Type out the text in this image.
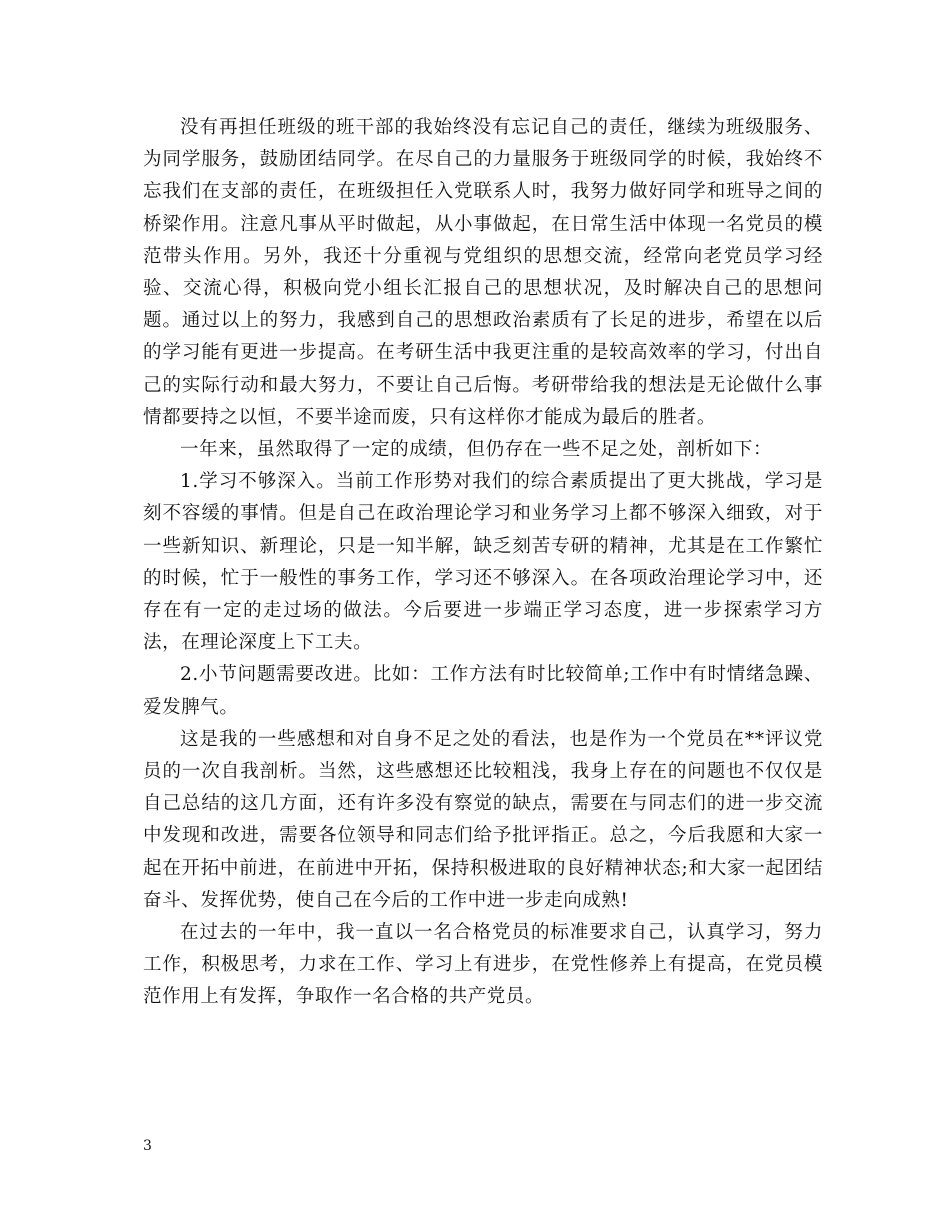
没有再担任班级的班干部的我始终没有忘记自己的责任，继续为班级服务、为同学服务，鼓励团结同学。在尽自己的力量服务于班级同学的时候，我始终不忘我们在支部的责任，在班级担任入党联系人时，我努力做好同学和班导之间的桥梁作用。注意凡事从平时做起，从小事做起，在日常生活中体现一名党员的模范带头作用。另外，我还十分重视与党组织的思想交流，经常向老党员学习经验、交流心得，积极向党小组长汇报自己的思想状况，及时解决自己的思想问题。通过以上的努力，我感到自己的思想政治素质有了长足的进步，希望在以后的学习能有更进一步提高。在考研生活中我更注重的是较高效率的学习，付出自己的实际行动和最大努力，不要让自己后悔。考研带给我的想法是无论做什么事情都要持之以恒，不要半途而废，只有这样你才能成为最后的胜者。

一年来，虽然取得了一定的成绩，但仍存在一些不足之处，剖析如下：

1.学习不够深入。当前工作形势对我们的综合素质提出了更大挑战，学习是刻不容缓的事情。但是自己在政治理论学习和业务学习上都不够深入细致，对于一些新知识、新理论，只是一知半解，缺乏刻苦专研的精神，尤其是在工作繁忙的时候，忙于一般性的事务工作，学习还不够深入。在各项政治理论学习中，还存在有一定的走过场的做法。今后要进一步端正学习态度，进一步探索学习方法，在理论深度上下工夫。

2.小节问题需要改进。比如：工作方法有时比较简单;工作中有时情绪急躁、爱发脾气。

这是我的一些感想和对自身不足之处的看法，也是作为一个党员在**评议党员的一次自我剖析。当然，这些感想还比较粗浅，我身上存在的问题也不仅仅是自己总结的这几方面，还有许多没有察觉的缺点，需要在与同志们的进一步交流中发现和改进，需要各位领导和同志们给予批评指正。总之，今后我愿和大家一起在开拓中前进，在前进中开拓，保持积极进取的良好精神状态;和大家一起团结奋斗、发挥优势，使自己在今后的工作中进一步走向成熟!

在过去的一年中，我一直以一名合格党员的标准要求自己，认真学习，努力工作，积极思考，力求在工作、学习上有进步，在党性修养上有提高，在党员模范作用上有发挥，争取作一名合格的共产党员。

3
